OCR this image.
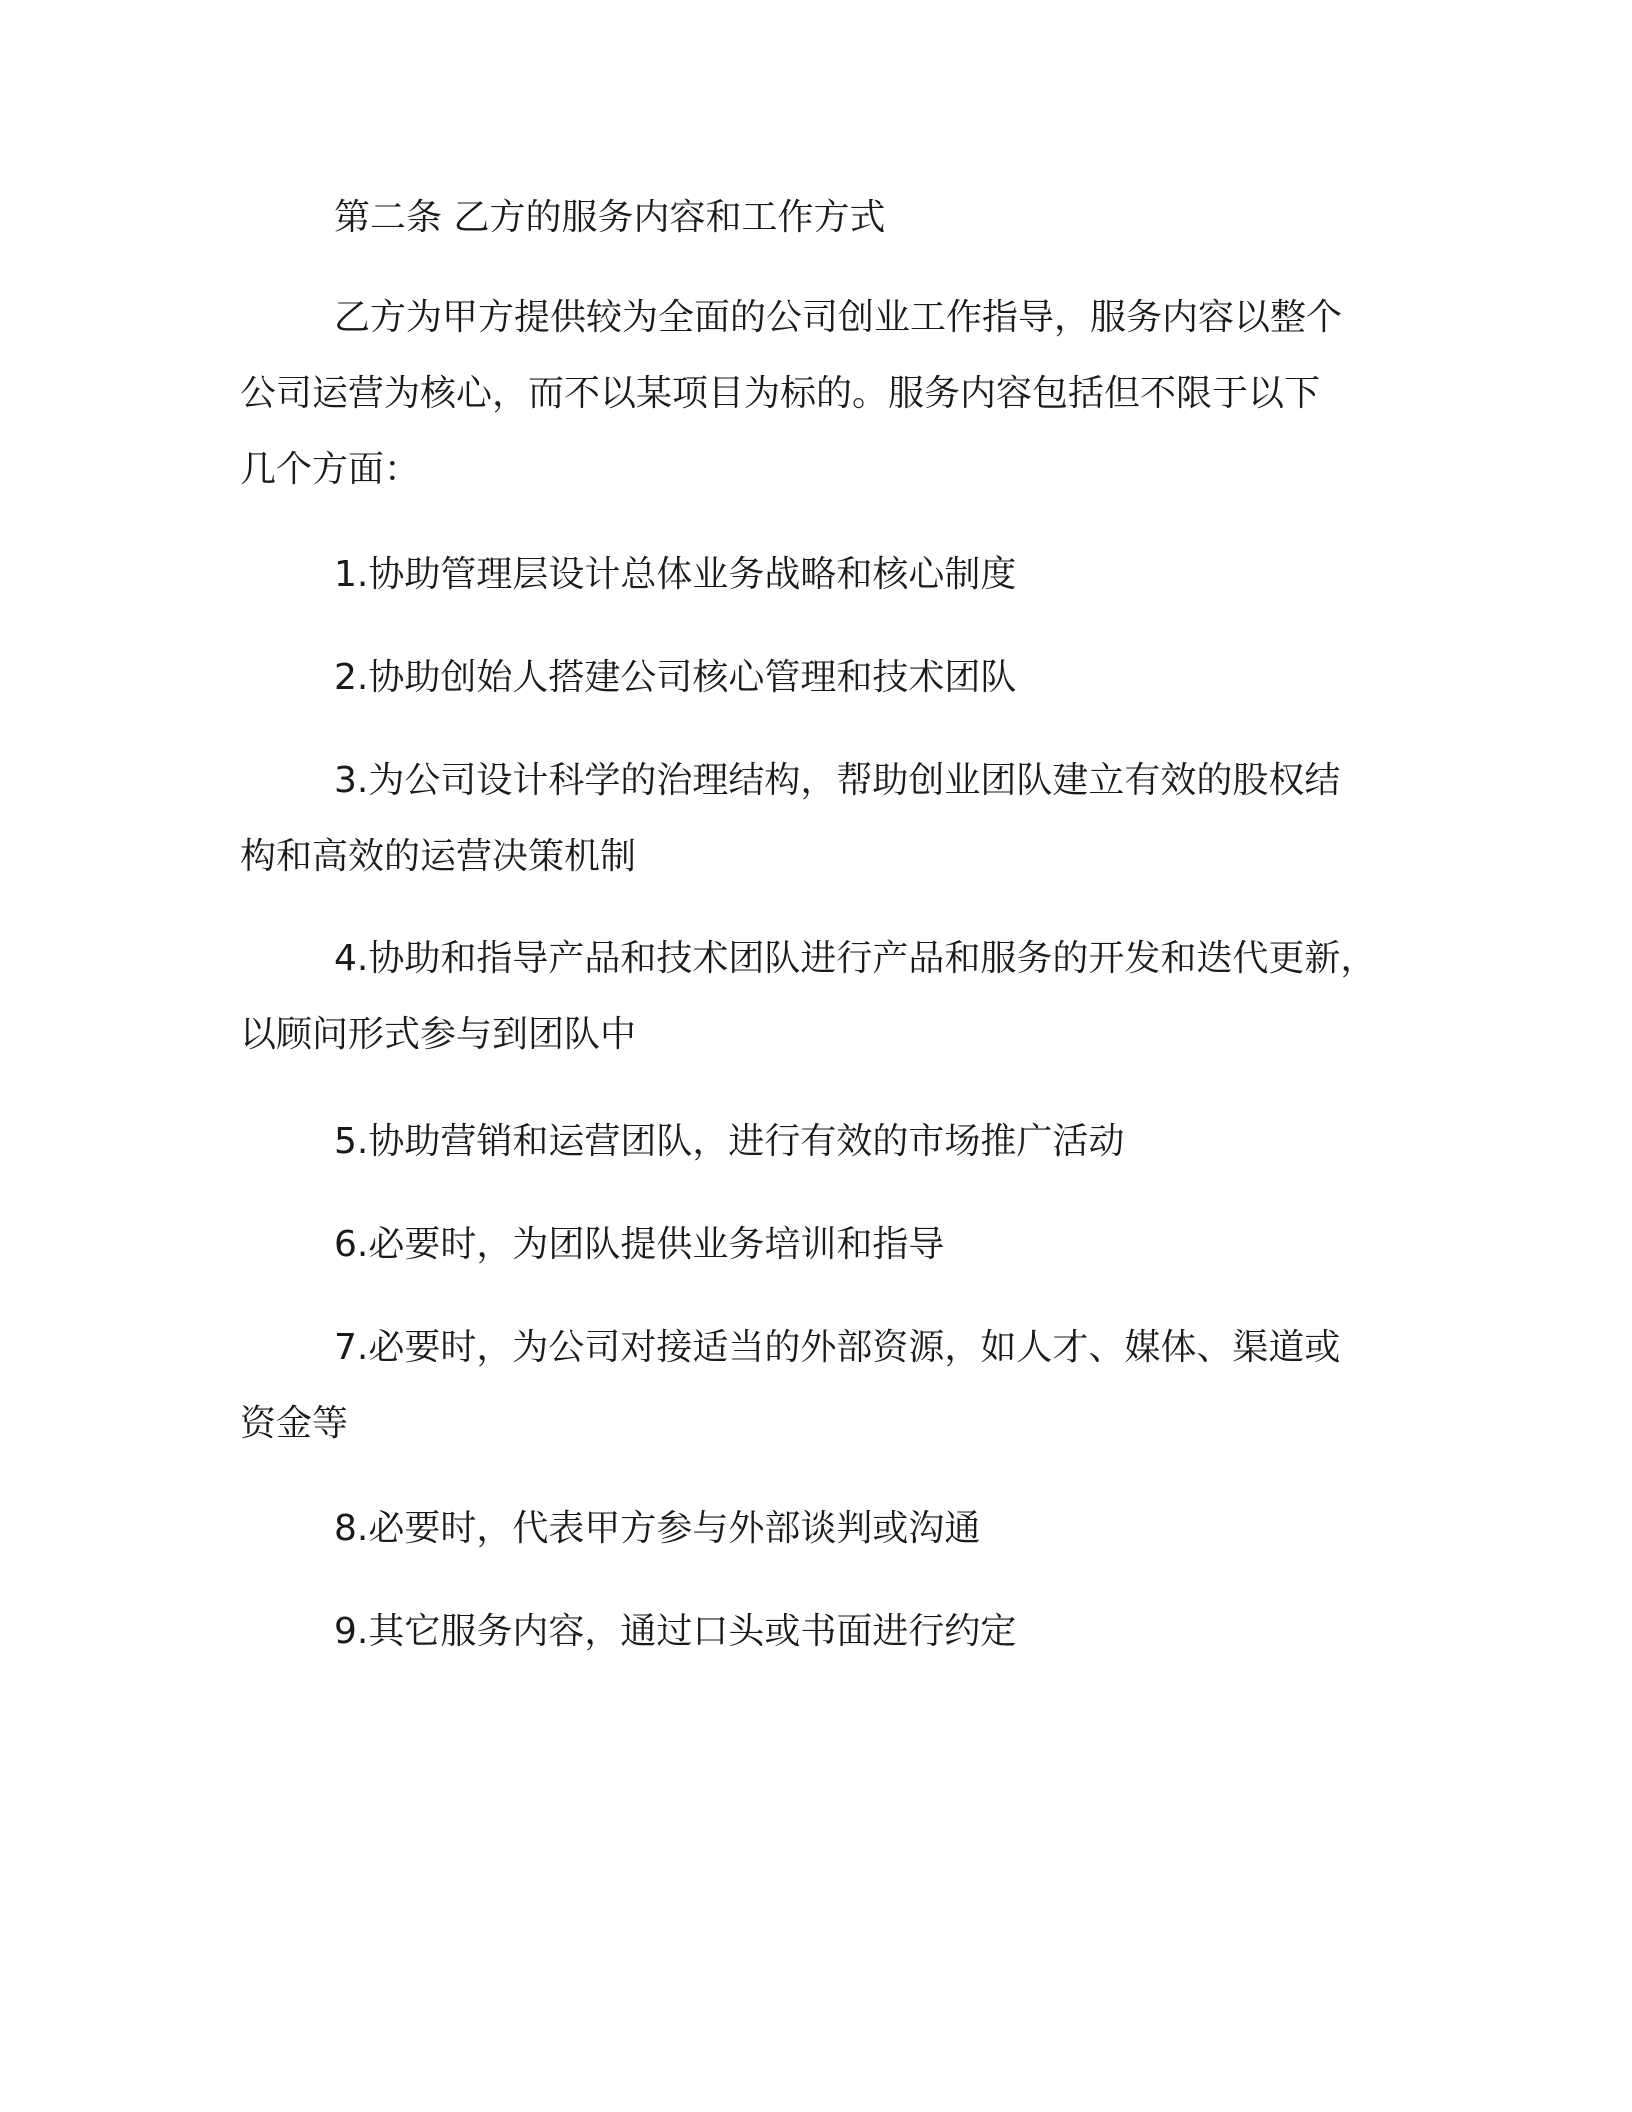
第二条 乙方的服务内容和工作方式

乙方为甲方提供较为全面的公司创业工作指导，服务内容以整个
公司运营为核心，而不以某项目为标的。服务内容包括但不限于以下
几个方面：

1.协助管理层设计总体业务战略和核心制度

2.协助创始人搭建公司核心管理和技术团队

3.为公司设计科学的治理结构，帮助创业团队建立有效的股权结
构和高效的运营决策机制

4.协助和指导产品和技术团队进行产品和服务的开发和迭代更新，
以顾问形式参与到团队中

5.协助营销和运营团队，进行有效的市场推广活动

6.必要时，为团队提供业务培训和指导

7.必要时，为公司对接适当的外部资源，如人才、媒体、渠道或
资金等

8.必要时，代表甲方参与外部谈判或沟通

9.其它服务内容，通过口头或书面进行约定
